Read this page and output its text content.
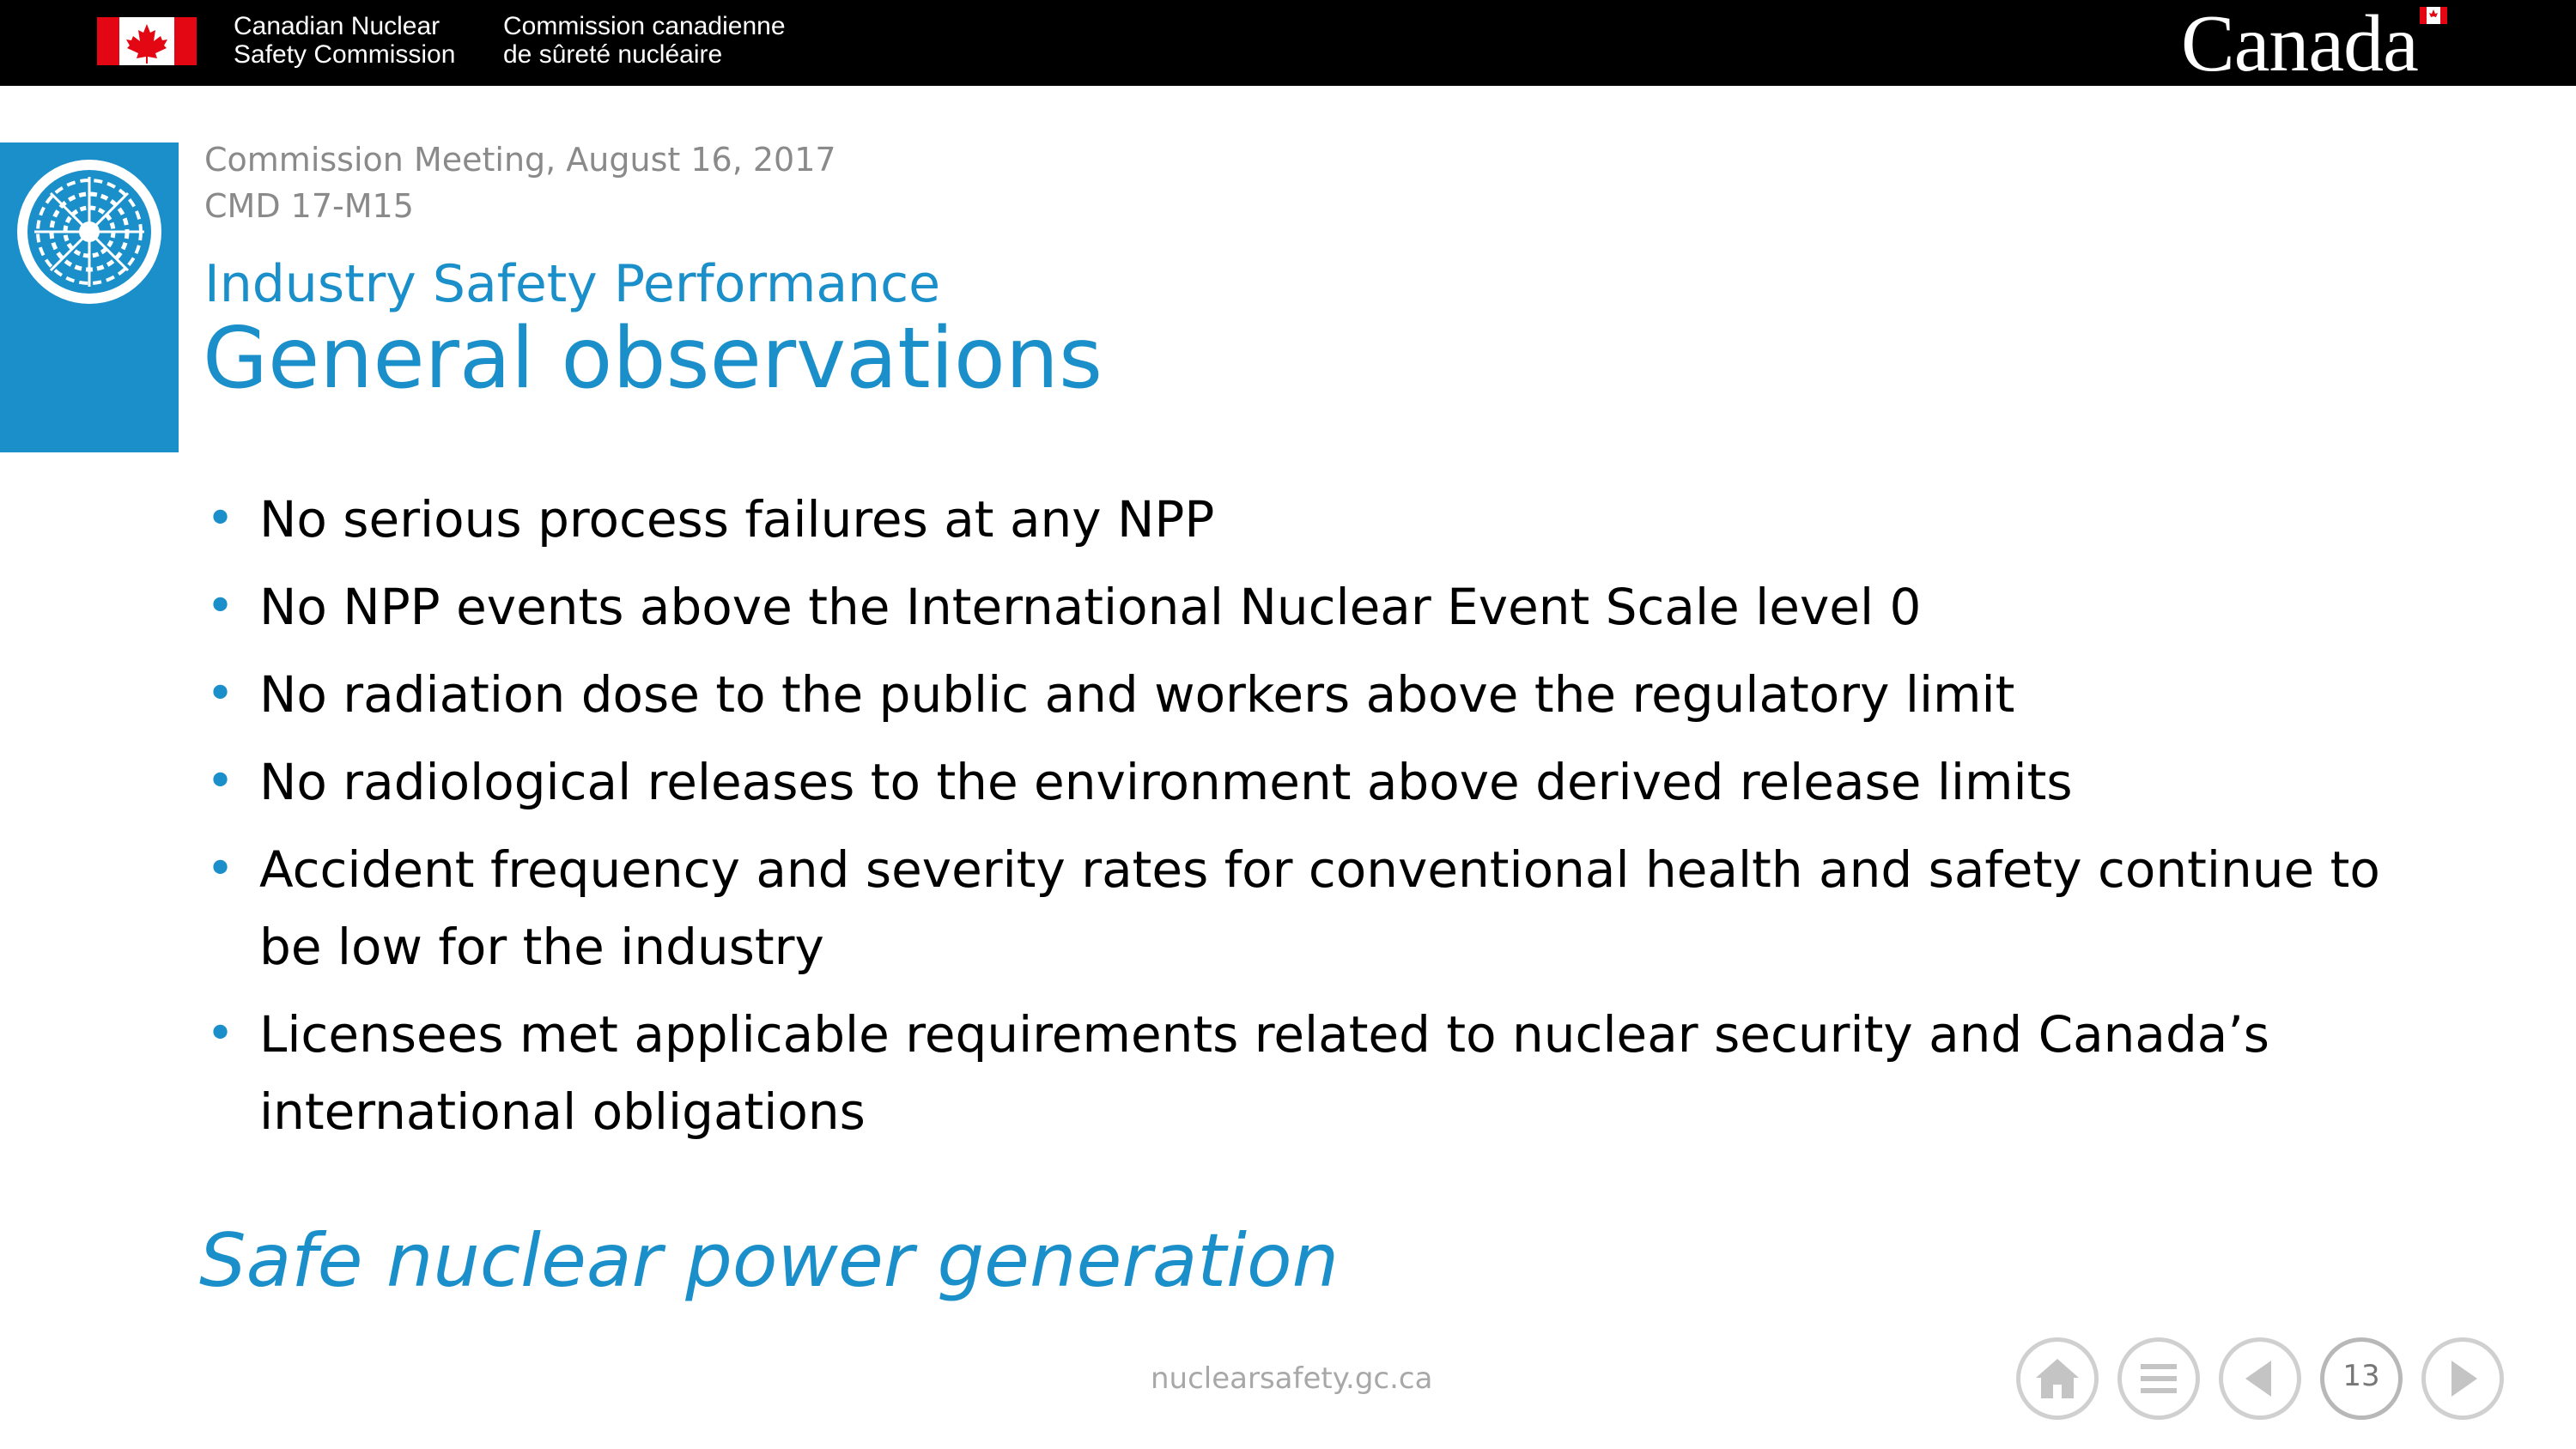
Canadian Nuclear
Safety Commission
Commission canadienne
de sûreté nucléaire	Canada
Commission Meeting, August 16, 2017
CMD 17-M15
Industry Safety Performance
General observations
• No serious process failures at any NPP
• No NPP events above the International Nuclear Event Scale level 0
• No radiation dose to the public and workers above the regulatory limit
• No radiological releases to the environment above derived release limits
• Accident frequency and severity rates for conventional health and safety continue to be low for the industry
• Licensees met applicable requirements related to nuclear security and Canada’s international obligations
Safe nuclear power generation
nuclearsafety.gc.ca	13
